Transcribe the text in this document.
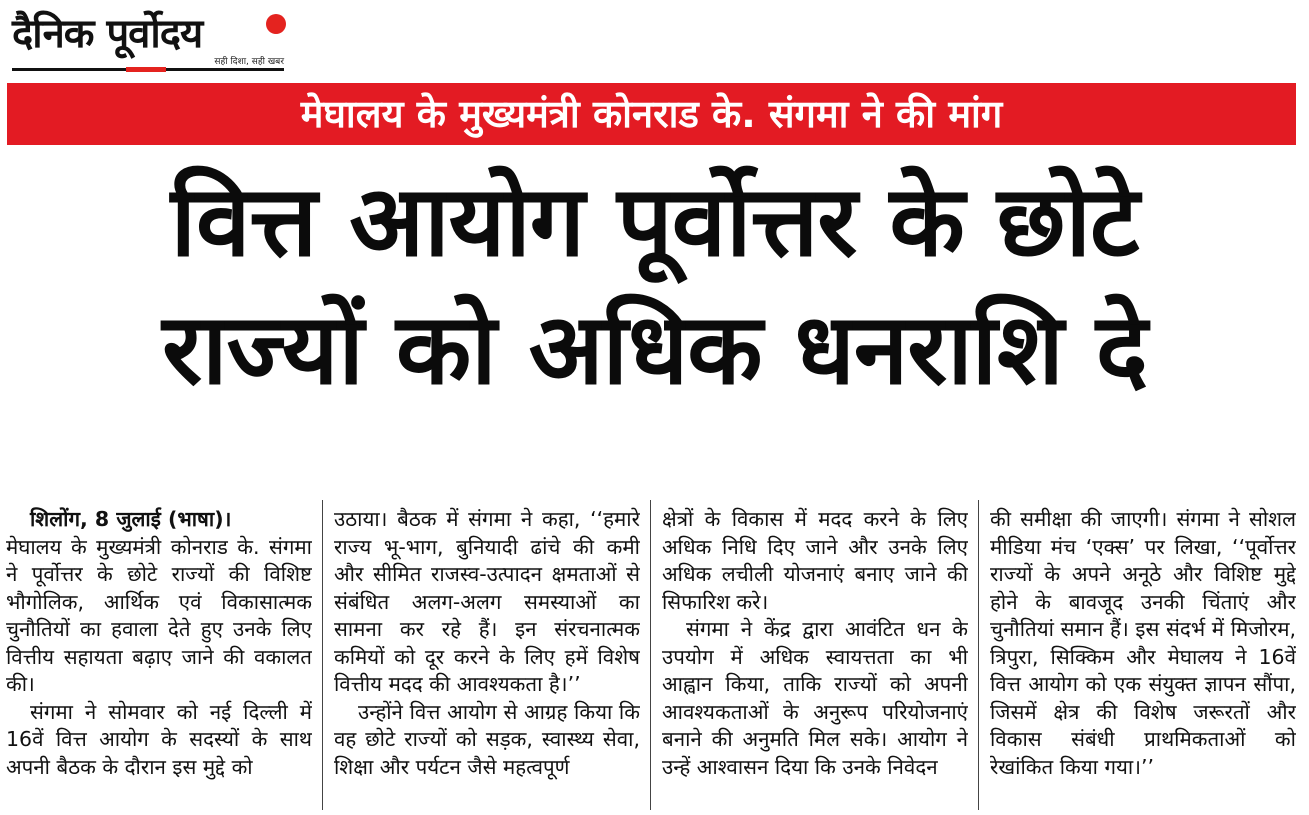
दैनिक पूर्वोदय
सही दिशा, सही खबर
मेघालय के मुख्यमंत्री कोनराड के. संगमा ने की मांग
वित्त आयोग पूर्वोत्तर के छोटे
राज्यों को अधिक धनराशि दे

शिलोंग, 8 जुलाई (भाषा)।

मेघालय के मुख्यमंत्री कोनराड के. संगमा ने पूर्वोत्तर के छोटे राज्यों की विशिष्ट भौगोलिक, आर्थिक एवं विकासात्मक चुनौतियों का हवाला देते हुए उनके लिए वित्तीय सहायता बढ़ाए जाने की वकालत की।

संगमा ने सोमवार को नई दिल्ली में 16वें वित्त आयोग के सदस्यों के साथ अपनी बैठक के दौरान इस मुद्दे को

उठाया। बैठक में संगमा ने कहा, ‘‘हमारे राज्य भू-भाग, बुनियादी ढांचे की कमी और सीमित राजस्व-उत्पादन क्षमताओं से संबंधित अलग-अलग समस्याओं का सामना कर रहे हैं। इन संरचनात्मक कमियों को दूर करने के लिए हमें विशेष वित्तीय मदद की आवश्यकता है।’’

उन्होंने वित्त आयोग से आग्रह किया कि वह छोटे राज्यों को सड़क, स्वास्थ्य सेवा, शिक्षा और पर्यटन जैसे महत्वपूर्ण

क्षेत्रों के विकास में मदद करने के लिए अधिक निधि दिए जाने और उनके लिए अधिक लचीली योजनाएं बनाए जाने की सिफारिश करे।

संगमा ने केंद्र द्वारा आवंटित धन के उपयोग में अधिक स्वायत्तता का भी आह्वान किया, ताकि राज्यों को अपनी आवश्यकताओं के अनुरूप परियोजनाएं बनाने की अनुमति मिल सके। आयोग ने उन्हें आश्वासन दिया कि उनके निवेदन

की समीक्षा की जाएगी। संगमा ने सोशल मीडिया मंच ‘एक्स’ पर लिखा, ‘‘पूर्वोत्तर राज्यों के अपने अनूठे और विशिष्ट मुद्दे होने के बावजूद उनकी चिंताएं और चुनौतियां समान हैं। इस संदर्भ में मिजोरम, त्रिपुरा, सिक्किम और मेघालय ने 16वें वित्त आयोग को एक संयुक्त ज्ञापन सौंपा, जिसमें क्षेत्र की विशेष जरूरतों और विकास संबंधी प्राथमिकताओं को रेखांकित किया गया।’’
